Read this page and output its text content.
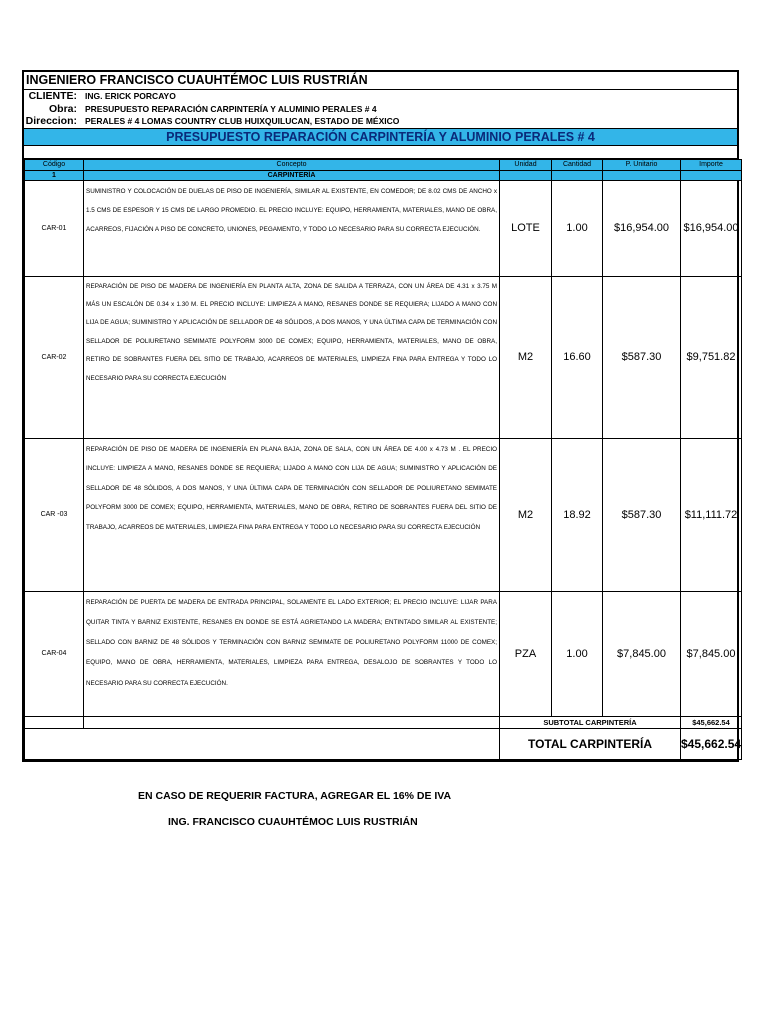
INGENIERO FRANCISCO CUAUHTÉMOC LUIS RUSTRIÁN
CLIENTE: ING. ERICK PORCAYO
Obra: PRESUPUESTO REPARACIÓN CARPINTERÍA Y ALUMINIO PERALES # 4
Direccion: PERALES # 4 LOMAS COUNTRY CLUB HUIXQUILUCAN, ESTADO DE MÉXICO
PRESUPUESTO REPARACIÓN CARPINTERÍA Y ALUMINIO PERALES # 4
Código	Concepto	Unidad	Cantidad	P. Unitario	Importe
1	CARPINTERÍA				
CAR-01	SUMINISTRO Y COLOCACIÓN DE DUELAS DE PISO DE INGENIERÍA, SIMILAR AL EXISTENTE, EN COMEDOR; DE 8.02 CMS DE ANCHO x 1.5 CMS DE ESPESOR Y 15 CMS DE LARGO PROMEDIO. EL PRECIO INCLUYE: EQUIPO, HERRAMIENTA, MATERIALES, MANO DE OBRA, ACARREOS, FIJACIÓN A PISO DE CONCRETO, UNIONES, PEGAMENTO, Y TODO LO NECESARIO PARA SU CORRECTA EJECUCIÓN.	LOTE	1.00	$16,954.00	$16,954.00
CAR-02	REPARACIÓN DE PISO DE MADERA DE INGENIERÍA EN PLANTA ALTA, ZONA DE SALIDA A TERRAZA, CON UN ÁREA DE 4.31 x 3.75 M MÁS UN ESCALÓN DE 0.34 x 1.30 M. EL PRECIO INCLUYE: LIMPIEZA A MANO, RESANES DONDE SE REQUIERA; LIJADO A MANO CON LIJA DE AGUA; SUMINISTRO Y APLICACIÓN DE SELLADOR DE 48 SÓLIDOS, A DOS MANOS, Y UNA ÚLTIMA CAPA DE TERMINACIÓN CON SELLADOR DE POLIURETANO SEMIMATE POLYFORM 3000 DE COMEX; EQUIPO, HERRAMIENTA, MATERIALES, MANO DE OBRA, RETIRO DE SOBRANTES FUERA DEL SITIO DE TRABAJO, ACARREOS DE MATERIALES, LIMPIEZA FINA PARA ENTREGA Y TODO LO NECESARIO PARA SU CORRECTA EJECUCIÓN	M2	16.60	$587.30	$9,751.82
CAR -03	REPARACIÓN DE PISO DE MADERA DE INGENIERÍA EN PLANA BAJA, ZONA DE SALA, CON UN ÁREA DE 4.00 x 4.73 M . EL PRECIO INCLUYE: LIMPIEZA A MANO, RESANES DONDE SE REQUIERA; LIJADO A MANO CON LIJA DE AGUA; SUMINISTRO Y APLICACIÓN DE SELLADOR DE 48 SÓLIDOS, A DOS MANOS, Y UNA ÚLTIMA CAPA DE TERMINACIÓN CON SELLADOR DE POLIURETANO SEMIMATE POLYFORM 3000 DE COMEX; EQUIPO, HERRAMIENTA, MATERIALES, MANO DE OBRA, RETIRO DE SOBRANTES FUERA DEL SITIO DE TRABAJO, ACARREOS DE MATERIALES, LIMPIEZA FINA PARA ENTREGA Y TODO LO NECESARIO PARA SU CORRECTA EJECUCIÓN	M2	18.92	$587.30	$11,111.72
CAR-04	REPARACIÓN DE PUERTA DE MADERA DE ENTRADA PRINCIPAL, SOLAMENTE EL LADO EXTERIOR; EL PRECIO INCLUYE: LIJAR PARA QUITAR TINTA Y BARNIZ EXISTENTE, RESANES EN DONDE SE ESTÁ AGRIETANDO LA MADERA; ENTINTADO SIMILAR AL EXISTENTE; SELLADO CON BARNIZ DE 48 SÓLIDOS Y TERMINACIÓN CON BARNIZ SEMIMATE DE POLIURETANO POLYFORM 11000 DE COMEX; EQUIPO, MANO DE OBRA, HERRAMIENTA, MATERIALES, LIMPIEZA PARA ENTREGA, DESALOJO DE SOBRANTES Y TODO LO NECESARIO PARA SU CORRECTA EJECUCIÓN.	PZA	1.00	$7,845.00	$7,845.00
		SUBTOTAL CARPINTERÍA			$45,662.54
		TOTAL CARPINTERÍA			$45,662.54
EN CASO DE REQUERIR FACTURA, AGREGAR EL 16% DE IVA
ING. FRANCISCO CUAUHTÉMOC LUIS RUSTRIÁN
